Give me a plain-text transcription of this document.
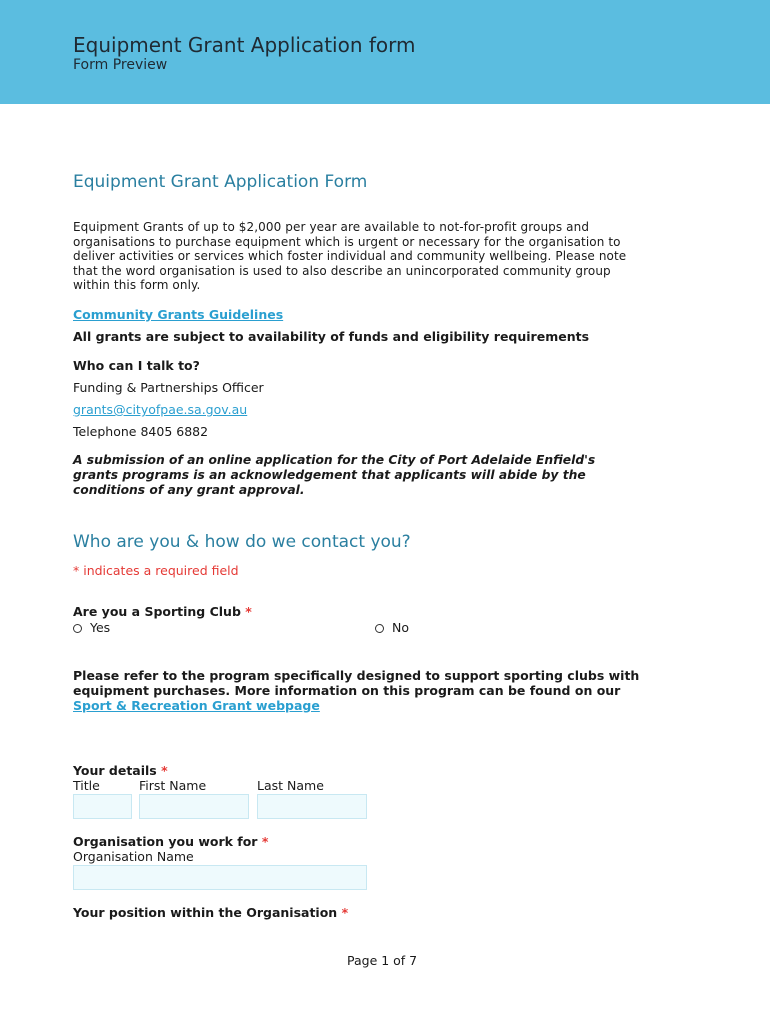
Equipment Grant Application form
Form Preview
Equipment Grant Application Form
Equipment Grants of up to $2,000 per year are available to not-for-profit groups and
organisations to purchase equipment which is urgent or necessary for the organisation to
deliver activities or services which foster individual and community wellbeing. Please note
that the word organisation is used to also describe an unincorporated community group
within this form only.
Community Grants Guidelines
All grants are subject to availability of funds and eligibility requirements
Who can I talk to?
Funding & Partnerships Officer
grants@cityofpae.sa.gov.au
Telephone 8405 6882
A submission of an online application for the City of Port Adelaide Enfield's
grants programs is an acknowledgement that applicants will abide by the
conditions of any grant approval.
Who are you & how do we contact you?
* indicates a required field
Are you a Sporting Club *
Yes	No
Please refer to the program specifically designed to support sporting clubs with
equipment purchases. More information on this program can be found on our
Sport & Recreation Grant webpage
Your details *
Title	First Name	Last Name
Organisation you work for *
Organisation Name
Your position within the Organisation *
Page 1 of 7
